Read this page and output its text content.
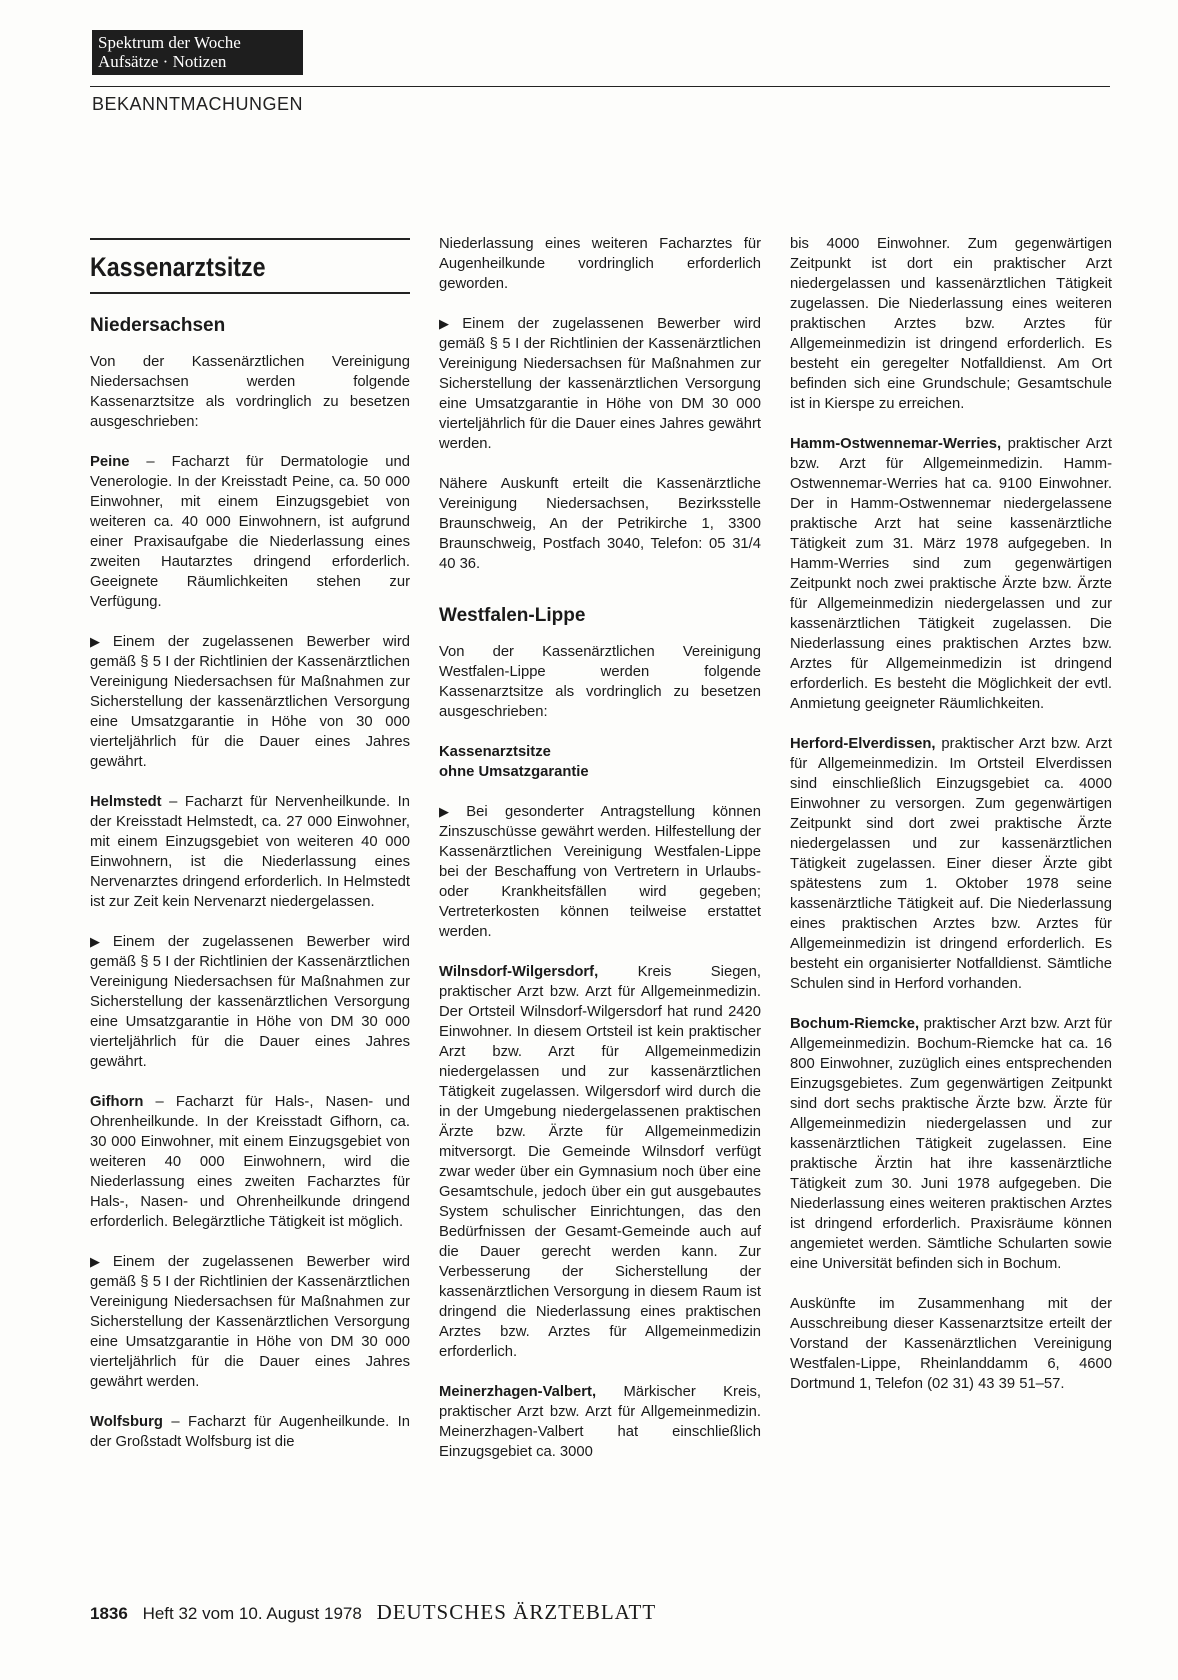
Spektrum der Woche
Aufsätze · Notizen
BEKANNTMACHUNGEN
Kassenarztsitze
Niedersachsen

Von der Kassenärztlichen Vereinigung Niedersachsen werden folgende Kassenarztsitze als vordringlich zu besetzen ausgeschrieben:

Peine – Facharzt für Dermatologie und Venerologie. In der Kreisstadt Peine, ca. 50 000 Einwohner, mit einem Einzugsgebiet von weiteren ca. 40 000 Einwohnern, ist aufgrund einer Praxisaufgabe die Niederlassung eines zweiten Hautarztes dringend erforderlich. Geeignete Räumlichkeiten stehen zur Verfügung.

▶ Einem der zugelassenen Bewerber wird gemäß § 5 I der Richtlinien der Kassenärztlichen Vereinigung Niedersachsen für Maßnahmen zur Sicherstellung der kassenärztlichen Versorgung eine Umsatzgarantie in Höhe von 30 000 vierteljährlich für die Dauer eines Jahres gewährt.

Helmstedt – Facharzt für Nervenheilkunde. In der Kreisstadt Helmstedt, ca. 27 000 Einwohner, mit einem Einzugsgebiet von weiteren 40 000 Einwohnern, ist die Niederlassung eines Nervenarztes dringend erforderlich. In Helmstedt ist zur Zeit kein Nervenarzt niedergelassen.

▶ Einem der zugelassenen Bewerber wird gemäß § 5 I der Richtlinien der Kassenärztlichen Vereinigung Niedersachsen für Maßnahmen zur Sicherstellung der kassenärztlichen Versorgung eine Umsatzgarantie in Höhe von DM 30 000 vierteljährlich für die Dauer eines Jahres gewährt.

Gifhorn – Facharzt für Hals-, Nasen- und Ohrenheilkunde. In der Kreisstadt Gifhorn, ca. 30 000 Einwohner, mit einem Einzugsgebiet von weiteren 40 000 Einwohnern, wird die Niederlassung eines zweiten Facharztes für Hals-, Nasen- und Ohrenheilkunde dringend erforderlich. Belegärztliche Tätigkeit ist möglich.

▶ Einem der zugelassenen Bewerber wird gemäß § 5 I der Richtlinien der Kassenärztlichen Vereinigung Niedersachsen für Maßnahmen zur Sicherstellung der Kassenärztlichen Versorgung eine Umsatzgarantie in Höhe von DM 30 000 vierteljährlich für die Dauer eines Jahres gewährt werden.

Wolfsburg – Facharzt für Augenheilkunde. In der Großstadt Wolfsburg ist die

Niederlassung eines weiteren Facharztes für Augenheilkunde vordringlich erforderlich geworden.

▶ Einem der zugelassenen Bewerber wird gemäß § 5 I der Richtlinien der Kassenärztlichen Vereinigung Niedersachsen für Maßnahmen zur Sicherstellung der kassenärztlichen Versorgung eine Umsatzgarantie in Höhe von DM 30 000 vierteljährlich für die Dauer eines Jahres gewährt werden.

Nähere Auskunft erteilt die Kassenärztliche Vereinigung Niedersachsen, Bezirksstelle Braunschweig, An der Petrikirche 1, 3300 Braunschweig, Postfach 3040, Telefon: 05 31/4 40 36.

Westfalen-Lippe

Von der Kassenärztlichen Vereinigung Westfalen-Lippe werden folgende Kassenarztsitze als vordringlich zu besetzen ausgeschrieben:

Kassenarztsitze
ohne Umsatzgarantie

▶ Bei gesonderter Antragstellung können Zinszuschüsse gewährt werden. Hilfestellung der Kassenärztlichen Vereinigung Westfalen-Lippe bei der Beschaffung von Vertretern in Urlaubs- oder Krankheitsfällen wird gegeben; Vertreterkosten können teilweise erstattet werden.

Wilnsdorf-Wilgersdorf, Kreis Siegen, praktischer Arzt bzw. Arzt für Allgemeinmedizin. Der Ortsteil Wilnsdorf-Wilgersdorf hat rund 2420 Einwohner. In diesem Ortsteil ist kein praktischer Arzt bzw. Arzt für Allgemeinmedizin niedergelassen und zur kassenärztlichen Tätigkeit zugelassen. Wilgersdorf wird durch die in der Umgebung niedergelassenen praktischen Ärzte bzw. Ärzte für Allgemeinmedizin mitversorgt. Die Gemeinde Wilnsdorf verfügt zwar weder über ein Gymnasium noch über eine Gesamtschule, jedoch über ein gut ausgebautes System schulischer Einrichtungen, das den Bedürfnissen der Gesamt-Gemeinde auch auf die Dauer gerecht werden kann. Zur Verbesserung der Sicherstellung der kassenärztlichen Versorgung in diesem Raum ist dringend die Niederlassung eines praktischen Arztes bzw. Arztes für Allgemeinmedizin erforderlich.

Meinerzhagen-Valbert, Märkischer Kreis, praktischer Arzt bzw. Arzt für Allgemeinmedizin. Meinerzhagen-Valbert hat einschließlich Einzugsgebiet ca. 3000

bis 4000 Einwohner. Zum gegenwärtigen Zeitpunkt ist dort ein praktischer Arzt niedergelassen und kassenärztlichen Tätigkeit zugelassen. Die Niederlassung eines weiteren praktischen Arztes bzw. Arztes für Allgemeinmedizin ist dringend erforderlich. Es besteht ein geregelter Notfalldienst. Am Ort befinden sich eine Grundschule; Gesamtschule ist in Kierspe zu erreichen.

Hamm-Ostwennemar-Werries, praktischer Arzt bzw. Arzt für Allgemeinmedizin. Hamm-Ostwennemar-Werries hat ca. 9100 Einwohner. Der in Hamm-Ostwennemar niedergelassene praktische Arzt hat seine kassenärztliche Tätigkeit zum 31. März 1978 aufgegeben. In Hamm-Werries sind zum gegenwärtigen Zeitpunkt noch zwei praktische Ärzte bzw. Ärzte für Allgemeinmedizin niedergelassen und zur kassenärztlichen Tätigkeit zugelassen. Die Niederlassung eines praktischen Arztes bzw. Arztes für Allgemeinmedizin ist dringend erforderlich. Es besteht die Möglichkeit der evtl. Anmietung geeigneter Räumlichkeiten.

Herford-Elverdissen, praktischer Arzt bzw. Arzt für Allgemeinmedizin. Im Ortsteil Elverdissen sind einschließlich Einzugsgebiet ca. 4000 Einwohner zu versorgen. Zum gegenwärtigen Zeitpunkt sind dort zwei praktische Ärzte niedergelassen und zur kassenärztlichen Tätigkeit zugelassen. Einer dieser Ärzte gibt spätestens zum 1. Oktober 1978 seine kassenärztliche Tätigkeit auf. Die Niederlassung eines praktischen Arztes bzw. Arztes für Allgemeinmedizin ist dringend erforderlich. Es besteht ein organisierter Notfalldienst. Sämtliche Schulen sind in Herford vorhanden.

Bochum-Riemcke, praktischer Arzt bzw. Arzt für Allgemeinmedizin. Bochum-Riemcke hat ca. 16 800 Einwohner, zuzüglich eines entsprechenden Einzugsgebietes. Zum gegenwärtigen Zeitpunkt sind dort sechs praktische Ärzte bzw. Ärzte für Allgemeinmedizin niedergelassen und zur kassenärztlichen Tätigkeit zugelassen. Eine praktische Ärztin hat ihre kassenärztliche Tätigkeit zum 30. Juni 1978 aufgegeben. Die Niederlassung eines weiteren praktischen Arztes ist dringend erforderlich. Praxisräume können angemietet werden. Sämtliche Schularten sowie eine Universität befinden sich in Bochum.

Auskünfte im Zusammenhang mit der Ausschreibung dieser Kassenarztsitze erteilt der Vorstand der Kassenärztlichen Vereinigung Westfalen-Lippe, Rheinlanddamm 6, 4600 Dortmund 1, Telefon (02 31) 43 39 51–57.

1836 Heft 32 vom 10. August 1978 DEUTSCHES ÄRZTEBLATT
